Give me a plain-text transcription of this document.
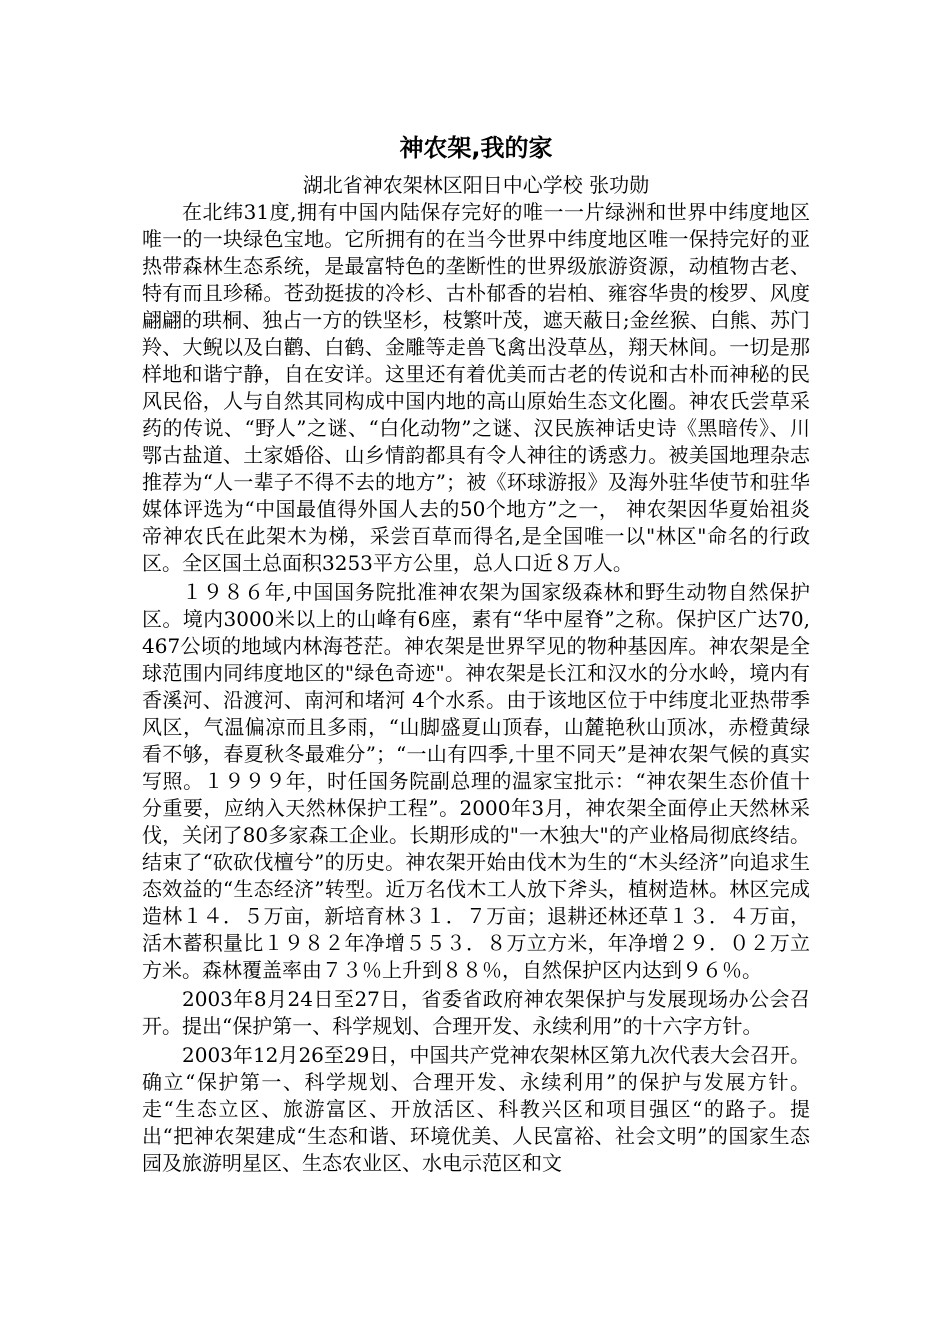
神农架,我的家

湖北省神农架林区阳日中心学校 张功勋

在北纬31度,拥有中国内陆保存完好的唯一一片绿洲和世界中纬度地区唯一的一块绿色宝地。它所拥有的在当今世界中纬度地区唯一保持完好的亚热带森林生态系统，是最富特色的垄断性的世界级旅游资源，动植物古老、特有而且珍稀。苍劲挺拔的冷杉、古朴郁香的岩柏、雍容华贵的梭罗、风度翩翩的珙桐、独占一方的铁坚杉，枝繁叶茂，遮天蔽日;金丝猴、白熊、苏门羚、大鲵以及白鹳、白鹤、金雕等走兽飞禽出没草丛，翔天林间。一切是那样地和谐宁静，自在安详。这里还有着优美而古老的传说和古朴而神秘的民风民俗，人与自然其同构成中国内地的高山原始生态文化圈。神农氏尝草采药的传说、“野人”之谜、“白化动物”之谜、汉民族神话史诗《黑暗传》、川鄂古盐道、土家婚俗、山乡情韵都具有令人神往的诱惑力。被美国地理杂志推荐为“人一辈子不得不去的地方”；被《环球游报》及海外驻华使节和驻华媒体评选为“中国最值得外国人去的50个地方”之一， 神农架因华夏始祖炎帝神农氏在此架木为梯，采尝百草而得名,是全国唯一以"林区"命名的行政区。全区国土总面积3253平方公里，总人口近８万人。

１９８６年,中国国务院批准神农架为国家级森林和野生动物自然保护区。境内3000米以上的山峰有6座，素有“华中屋脊”之称。保护区广达70,467公顷的地域内林海苍茫。神农架是世界罕见的物种基因库。神农架是全球范围内同纬度地区的"绿色奇迹"。神农架是长江和汉水的分水岭，境内有香溪河、沿渡河、南河和堵河 4个水系。由于该地区位于中纬度北亚热带季风区，气温偏凉而且多雨，“山脚盛夏山顶春，山麓艳秋山顶冰，赤橙黄绿看不够，春夏秋冬最难分”；“一山有四季,十里不同天”是神农架气候的真实写照。１９９９年，时任国务院副总理的温家宝批示：“神农架生态价值十分重要，应纳入天然林保护工程”。2000年3月，神农架全面停止天然林采伐，关闭了80多家森工企业。长期形成的"一木独大"的产业格局彻底终结。结束了“砍砍伐檀兮”的历史。神农架开始由伐木为生的“木头经济”向追求生态效益的“生态经济”转型。近万名伐木工人放下斧头，植树造林。林区完成造林１４．５万亩，新培育林３１．７万亩；退耕还林还草１３．４万亩，活木蓄积量比１９８２年净增５５３．８万立方米，年净增２９．０２万立方米。森林覆盖率由７３％上升到８８％，自然保护区内达到９６％。

2003年8月24日至27日，省委省政府神农架保护与发展现场办公会召开。提出“保护第一、科学规划、合理开发、永续利用”的十六字方针。

2003年12月26至29日，中国共产党神农架林区第九次代表大会召开。确立“保护第一、科学规划、合理开发、永续利用”的保护与发展方针。走“生态立区、旅游富区、开放活区、科教兴区和项目强区“的路子。提出“把神农架建成“生态和谐、环境优美、人民富裕、社会文明”的国家生态园及旅游明星区、生态农业区、水电示范区和文
